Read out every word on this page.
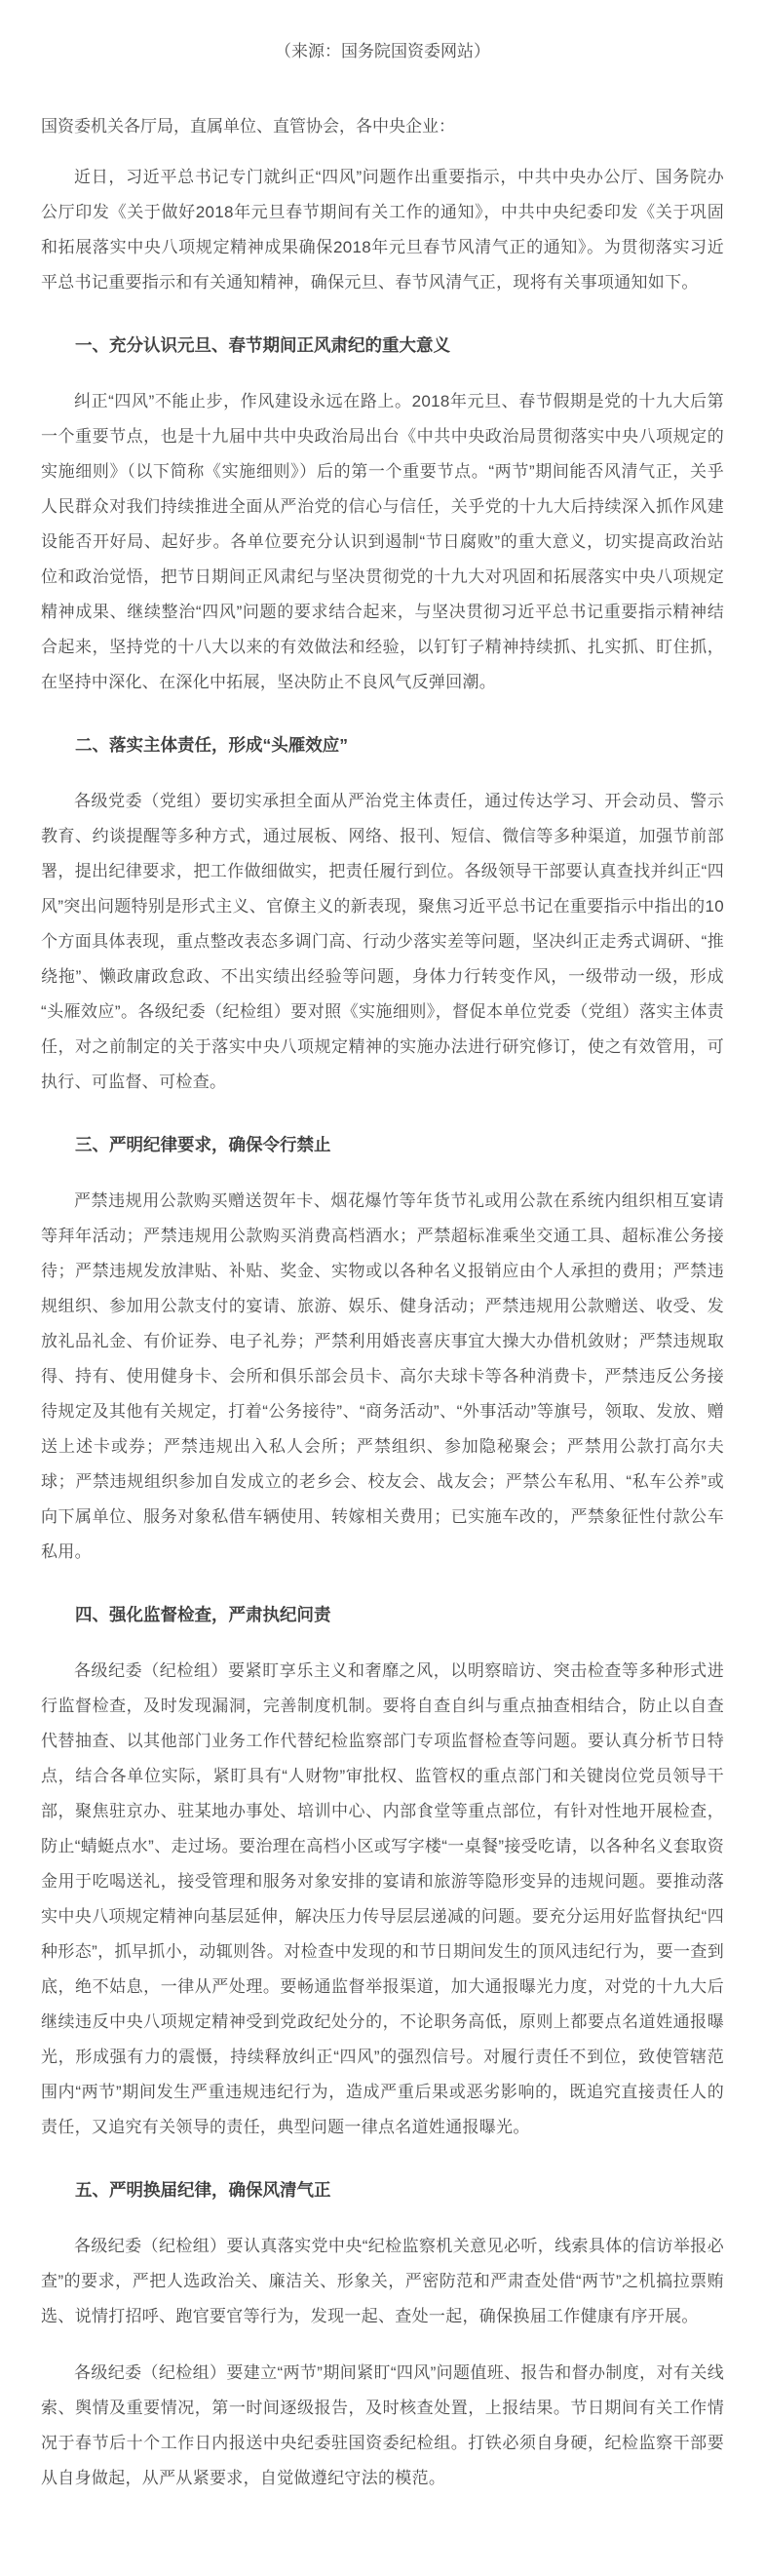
（来源：国务院国资委网站）

国资委机关各厅局，直属单位、直管协会，各中央企业：

近日，习近平总书记专门就纠正“四风”问题作出重要指示，中共中央办公厅、国务院办公厅印发《关于做好2018年元旦春节期间有关工作的通知》，中共中央纪委印发《关于巩固和拓展落实中央八项规定精神成果确保2018年元旦春节风清气正的通知》。为贯彻落实习近平总书记重要指示和有关通知精神，确保元旦、春节风清气正，现将有关事项通知如下。

一、充分认识元旦、春节期间正风肃纪的重大意义

纠正“四风”不能止步，作风建设永远在路上。2018年元旦、春节假期是党的十九大后第一个重要节点，也是十九届中共中央政治局出台《中共中央政治局贯彻落实中央八项规定的实施细则》（以下简称《实施细则》）后的第一个重要节点。“两节”期间能否风清气正，关乎人民群众对我们持续推进全面从严治党的信心与信任，关乎党的十九大后持续深入抓作风建设能否开好局、起好步。各单位要充分认识到遏制“节日腐败”的重大意义，切实提高政治站位和政治觉悟，把节日期间正风肃纪与坚决贯彻党的十九大对巩固和拓展落实中央八项规定精神成果、继续整治“四风”问题的要求结合起来，与坚决贯彻习近平总书记重要指示精神结合起来，坚持党的十八大以来的有效做法和经验，以钉钉子精神持续抓、扎实抓、盯住抓，在坚持中深化、在深化中拓展，坚决防止不良风气反弹回潮。

二、落实主体责任，形成“头雁效应”

各级党委（党组）要切实承担全面从严治党主体责任，通过传达学习、开会动员、警示教育、约谈提醒等多种方式，通过展板、网络、报刊、短信、微信等多种渠道，加强节前部署，提出纪律要求，把工作做细做实，把责任履行到位。各级领导干部要认真查找并纠正“四风”突出问题特别是形式主义、官僚主义的新表现，聚焦习近平总书记在重要指示中指出的10个方面具体表现，重点整改表态多调门高、行动少落实差等问题，坚决纠正走秀式调研、“推绕拖”、懒政庸政怠政、不出实绩出经验等问题，身体力行转变作风，一级带动一级，形成“头雁效应”。各级纪委（纪检组）要对照《实施细则》，督促本单位党委（党组）落实主体责任，对之前制定的关于落实中央八项规定精神的实施办法进行研究修订，使之有效管用，可执行、可监督、可检查。

三、严明纪律要求，确保令行禁止

严禁违规用公款购买赠送贺年卡、烟花爆竹等年货节礼或用公款在系统内组织相互宴请等拜年活动；严禁违规用公款购买消费高档酒水；严禁超标准乘坐交通工具、超标准公务接待；严禁违规发放津贴、补贴、奖金、实物或以各种名义报销应由个人承担的费用；严禁违规组织、参加用公款支付的宴请、旅游、娱乐、健身活动；严禁违规用公款赠送、收受、发放礼品礼金、有价证券、电子礼券；严禁利用婚丧喜庆事宜大操大办借机敛财；严禁违规取得、持有、使用健身卡、会所和俱乐部会员卡、高尔夫球卡等各种消费卡，严禁违反公务接待规定及其他有关规定，打着“公务接待”、“商务活动”、“外事活动”等旗号，领取、发放、赠送上述卡或券；严禁违规出入私人会所；严禁组织、参加隐秘聚会；严禁用公款打高尔夫球；严禁违规组织参加自发成立的老乡会、校友会、战友会；严禁公车私用、“私车公养”或向下属单位、服务对象私借车辆使用、转嫁相关费用；已实施车改的，严禁象征性付款公车私用。

四、强化监督检查，严肃执纪问责

各级纪委（纪检组）要紧盯享乐主义和奢靡之风，以明察暗访、突击检查等多种形式进行监督检查，及时发现漏洞，完善制度机制。要将自查自纠与重点抽查相结合，防止以自查代替抽查、以其他部门业务工作代替纪检监察部门专项监督检查等问题。要认真分析节日特点，结合各单位实际，紧盯具有“人财物”审批权、监管权的重点部门和关键岗位党员领导干部，聚焦驻京办、驻某地办事处、培训中心、内部食堂等重点部位，有针对性地开展检查，防止“蜻蜓点水”、走过场。要治理在高档小区或写字楼“一桌餐”接受吃请，以各种名义套取资金用于吃喝送礼，接受管理和服务对象安排的宴请和旅游等隐形变异的违规问题。要推动落实中央八项规定精神向基层延伸，解决压力传导层层递减的问题。要充分运用好监督执纪“四种形态”，抓早抓小，动辄则咎。对检查中发现的和节日期间发生的顶风违纪行为，要一查到底，绝不姑息，一律从严处理。要畅通监督举报渠道，加大通报曝光力度，对党的十九大后继续违反中央八项规定精神受到党政纪处分的，不论职务高低，原则上都要点名道姓通报曝光，形成强有力的震慑，持续释放纠正“四风”的强烈信号。对履行责任不到位，致使管辖范围内“两节”期间发生严重违规违纪行为，造成严重后果或恶劣影响的，既追究直接责任人的责任，又追究有关领导的责任，典型问题一律点名道姓通报曝光。

五、严明换届纪律，确保风清气正

各级纪委（纪检组）要认真落实党中央“纪检监察机关意见必听，线索具体的信访举报必查”的要求，严把人选政治关、廉洁关、形象关，严密防范和严肃查处借“两节”之机搞拉票贿选、说情打招呼、跑官要官等行为，发现一起、查处一起，确保换届工作健康有序开展。

各级纪委（纪检组）要建立“两节”期间紧盯“四风”问题值班、报告和督办制度，对有关线索、舆情及重要情况，第一时间逐级报告，及时核查处置，上报结果。节日期间有关工作情况于春节后十个工作日内报送中央纪委驻国资委纪检组。打铁必须自身硬，纪检监察干部要从自身做起，从严从紧要求，自觉做遵纪守法的模范。
